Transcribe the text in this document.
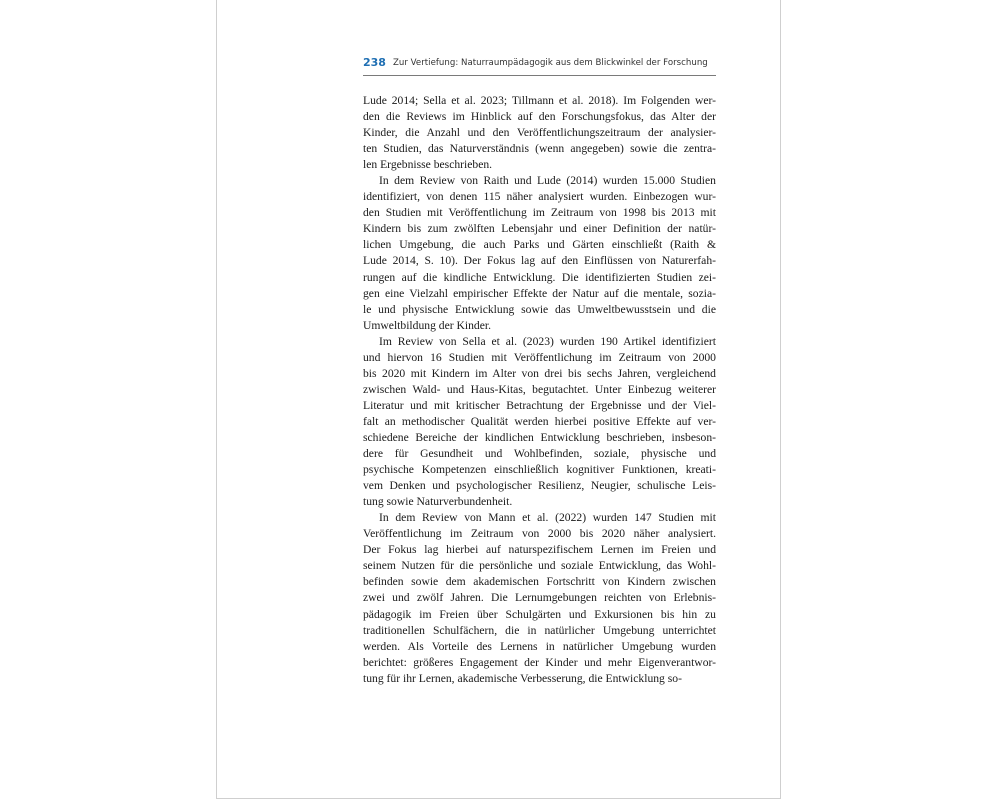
238 Zur Vertiefung: Naturraumpädagogik aus dem Blickwinkel der Forschung
Lude 2014; Sella et al. 2023; Tillmann et al. 2018). Im Folgenden wer-
den die Reviews im Hinblick auf den Forschungsfokus, das Alter der
Kinder, die Anzahl und den Veröffentlichungszeitraum der analysier-
ten Studien, das Naturverständnis (wenn angegeben) sowie die zentra-
len Ergebnisse beschrieben.
In dem Review von Raith und Lude (2014) wurden 15.000 Studien
identifiziert, von denen 115 näher analysiert wurden. Einbezogen wur-
den Studien mit Veröffentlichung im Zeitraum von 1998 bis 2013 mit
Kindern bis zum zwölften Lebensjahr und einer Definition der natür-
lichen Umgebung, die auch Parks und Gärten einschließt (Raith &
Lude 2014, S. 10). Der Fokus lag auf den Einflüssen von Naturerfah-
rungen auf die kindliche Entwicklung. Die identifizierten Studien zei-
gen eine Vielzahl empirischer Effekte der Natur auf die mentale, sozia-
le und physische Entwicklung sowie das Umweltbewusstsein und die
Umweltbildung der Kinder.
Im Review von Sella et al. (2023) wurden 190 Artikel identifiziert
und hiervon 16 Studien mit Veröffentlichung im Zeitraum von 2000
bis 2020 mit Kindern im Alter von drei bis sechs Jahren, vergleichend
zwischen Wald- und Haus-Kitas, begutachtet. Unter Einbezug weiterer
Literatur und mit kritischer Betrachtung der Ergebnisse und der Viel-
falt an methodischer Qualität werden hierbei positive Effekte auf ver-
schiedene Bereiche der kindlichen Entwicklung beschrieben, insbeson-
dere für Gesundheit und Wohlbefinden, soziale, physische und
psychische Kompetenzen einschließlich kognitiver Funktionen, kreati-
vem Denken und psychologischer Resilienz, Neugier, schulische Leis-
tung sowie Naturverbundenheit.
In dem Review von Mann et al. (2022) wurden 147 Studien mit
Veröffentlichung im Zeitraum von 2000 bis 2020 näher analysiert.
Der Fokus lag hierbei auf naturspezifischem Lernen im Freien und
seinem Nutzen für die persönliche und soziale Entwicklung, das Wohl-
befinden sowie dem akademischen Fortschritt von Kindern zwischen
zwei und zwölf Jahren. Die Lernumgebungen reichten von Erlebnis-
pädagogik im Freien über Schulgärten und Exkursionen bis hin zu
traditionellen Schulfächern, die in natürlicher Umgebung unterrichtet
werden. Als Vorteile des Lernens in natürlicher Umgebung wurden
berichtet: größeres Engagement der Kinder und mehr Eigenverantwor-
tung für ihr Lernen, akademische Verbesserung, die Entwicklung so-
